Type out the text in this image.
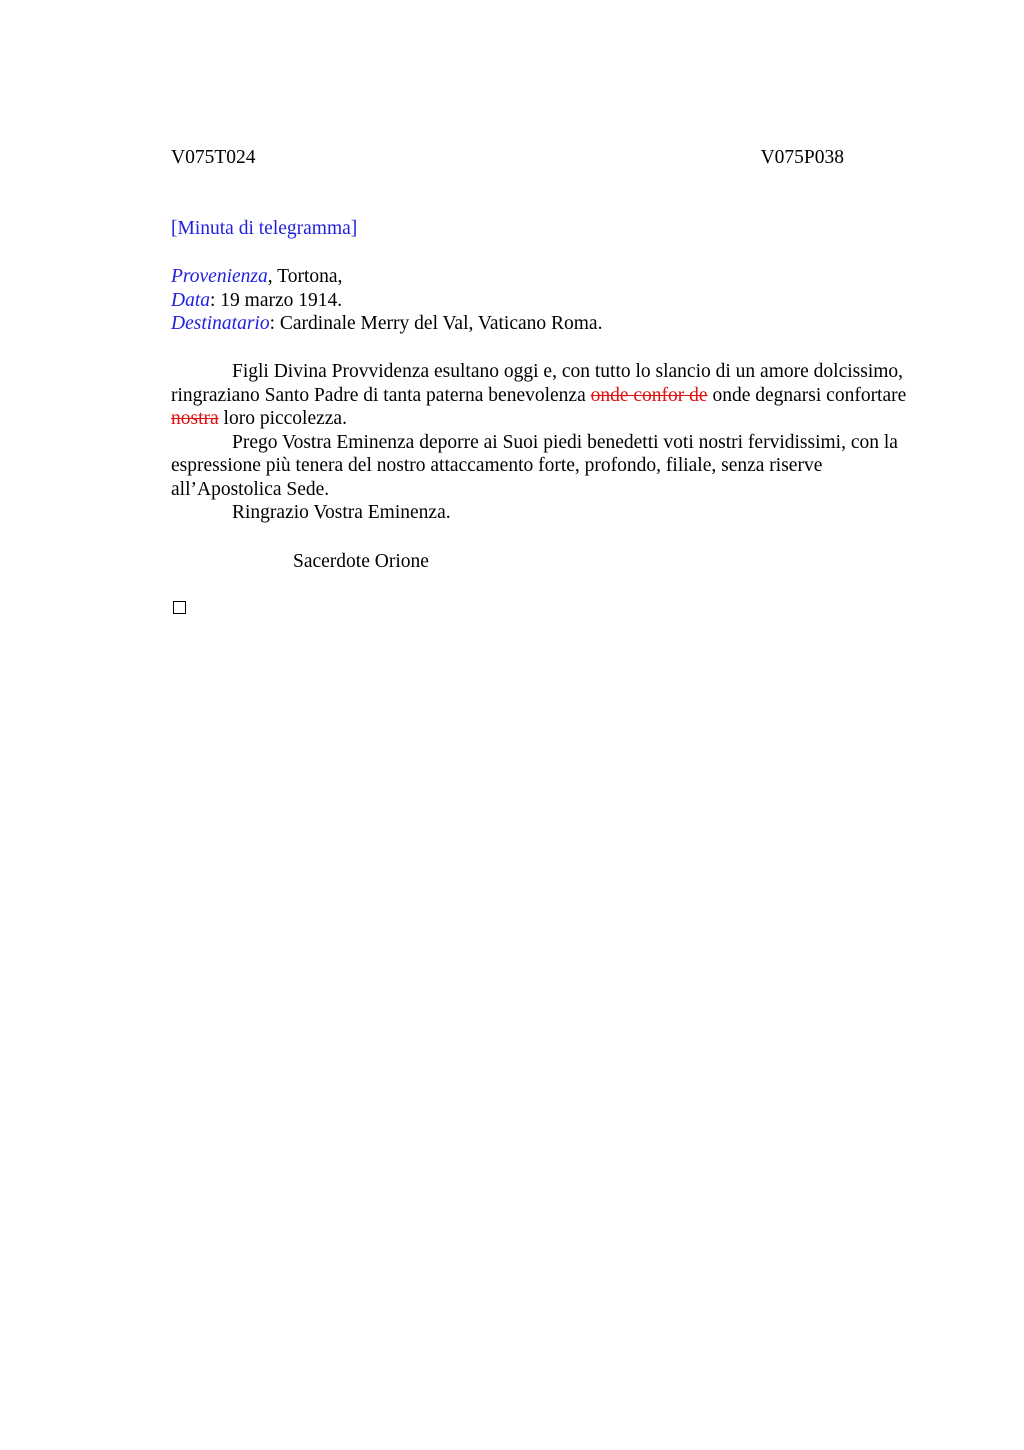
V075T024	V075P038
[Minuta di telegramma]
Provenienza, Tortona,
Data: 19 marzo 1914.
Destinatario: Cardinale Merry del Val, Vaticano Roma.

Figli Divina Provvidenza esultano oggi e, con tutto lo slancio di un amore dolcissimo, ringraziano Santo Padre di tanta paterna benevolenza onde confor de onde degnarsi confortare nostra loro piccolezza.

Prego Vostra Eminenza deporre ai Suoi piedi benedetti voti nostri fervidissimi, con la espressione più tenera del nostro attaccamento forte, profondo, filiale, senza riserve all’Apostolica Sede.

Ringrazio Vostra Eminenza.

Sacerdote Orione
